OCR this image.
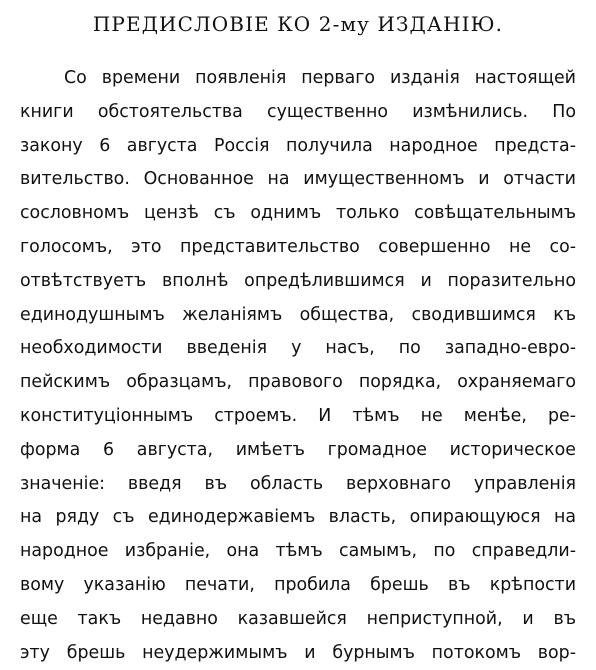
ПРЕДИСЛОВІЕ КО 2-му ИЗДАНІЮ.
Со времени появленія перваго изданія настоящей
книги обстоятельства существенно измѣнились. По
закону 6 августа Россія получила народное предста-
вительство. Основанное на имущественномъ и отчасти
сословномъ цензѣ съ однимъ только совѣщательнымъ
голосомъ, это представительство совершенно не со-
отвѣтствуетъ вполнѣ опредѣлившимся и поразительно
единодушнымъ желаніямъ общества, сводившимся къ
необходимости введенія у насъ, по западно-евро-
пейскимъ образцамъ, правового порядка, охраняемаго
конституціоннымъ строемъ. И тѣмъ не менѣе, ре-
форма 6 августа, имѣетъ громадное историческое
значеніе: введя въ область верховнаго управленія
на ряду съ единодержавіемъ власть, опирающуюся на
народное избраніе, она тѣмъ самымъ, по справедли-
вому указанію печати, пробила брешь въ крѣпости
еще такъ недавно казавшейся неприступной, и въ
эту брешь неудержимымъ и бурнымъ потокомъ вор-
